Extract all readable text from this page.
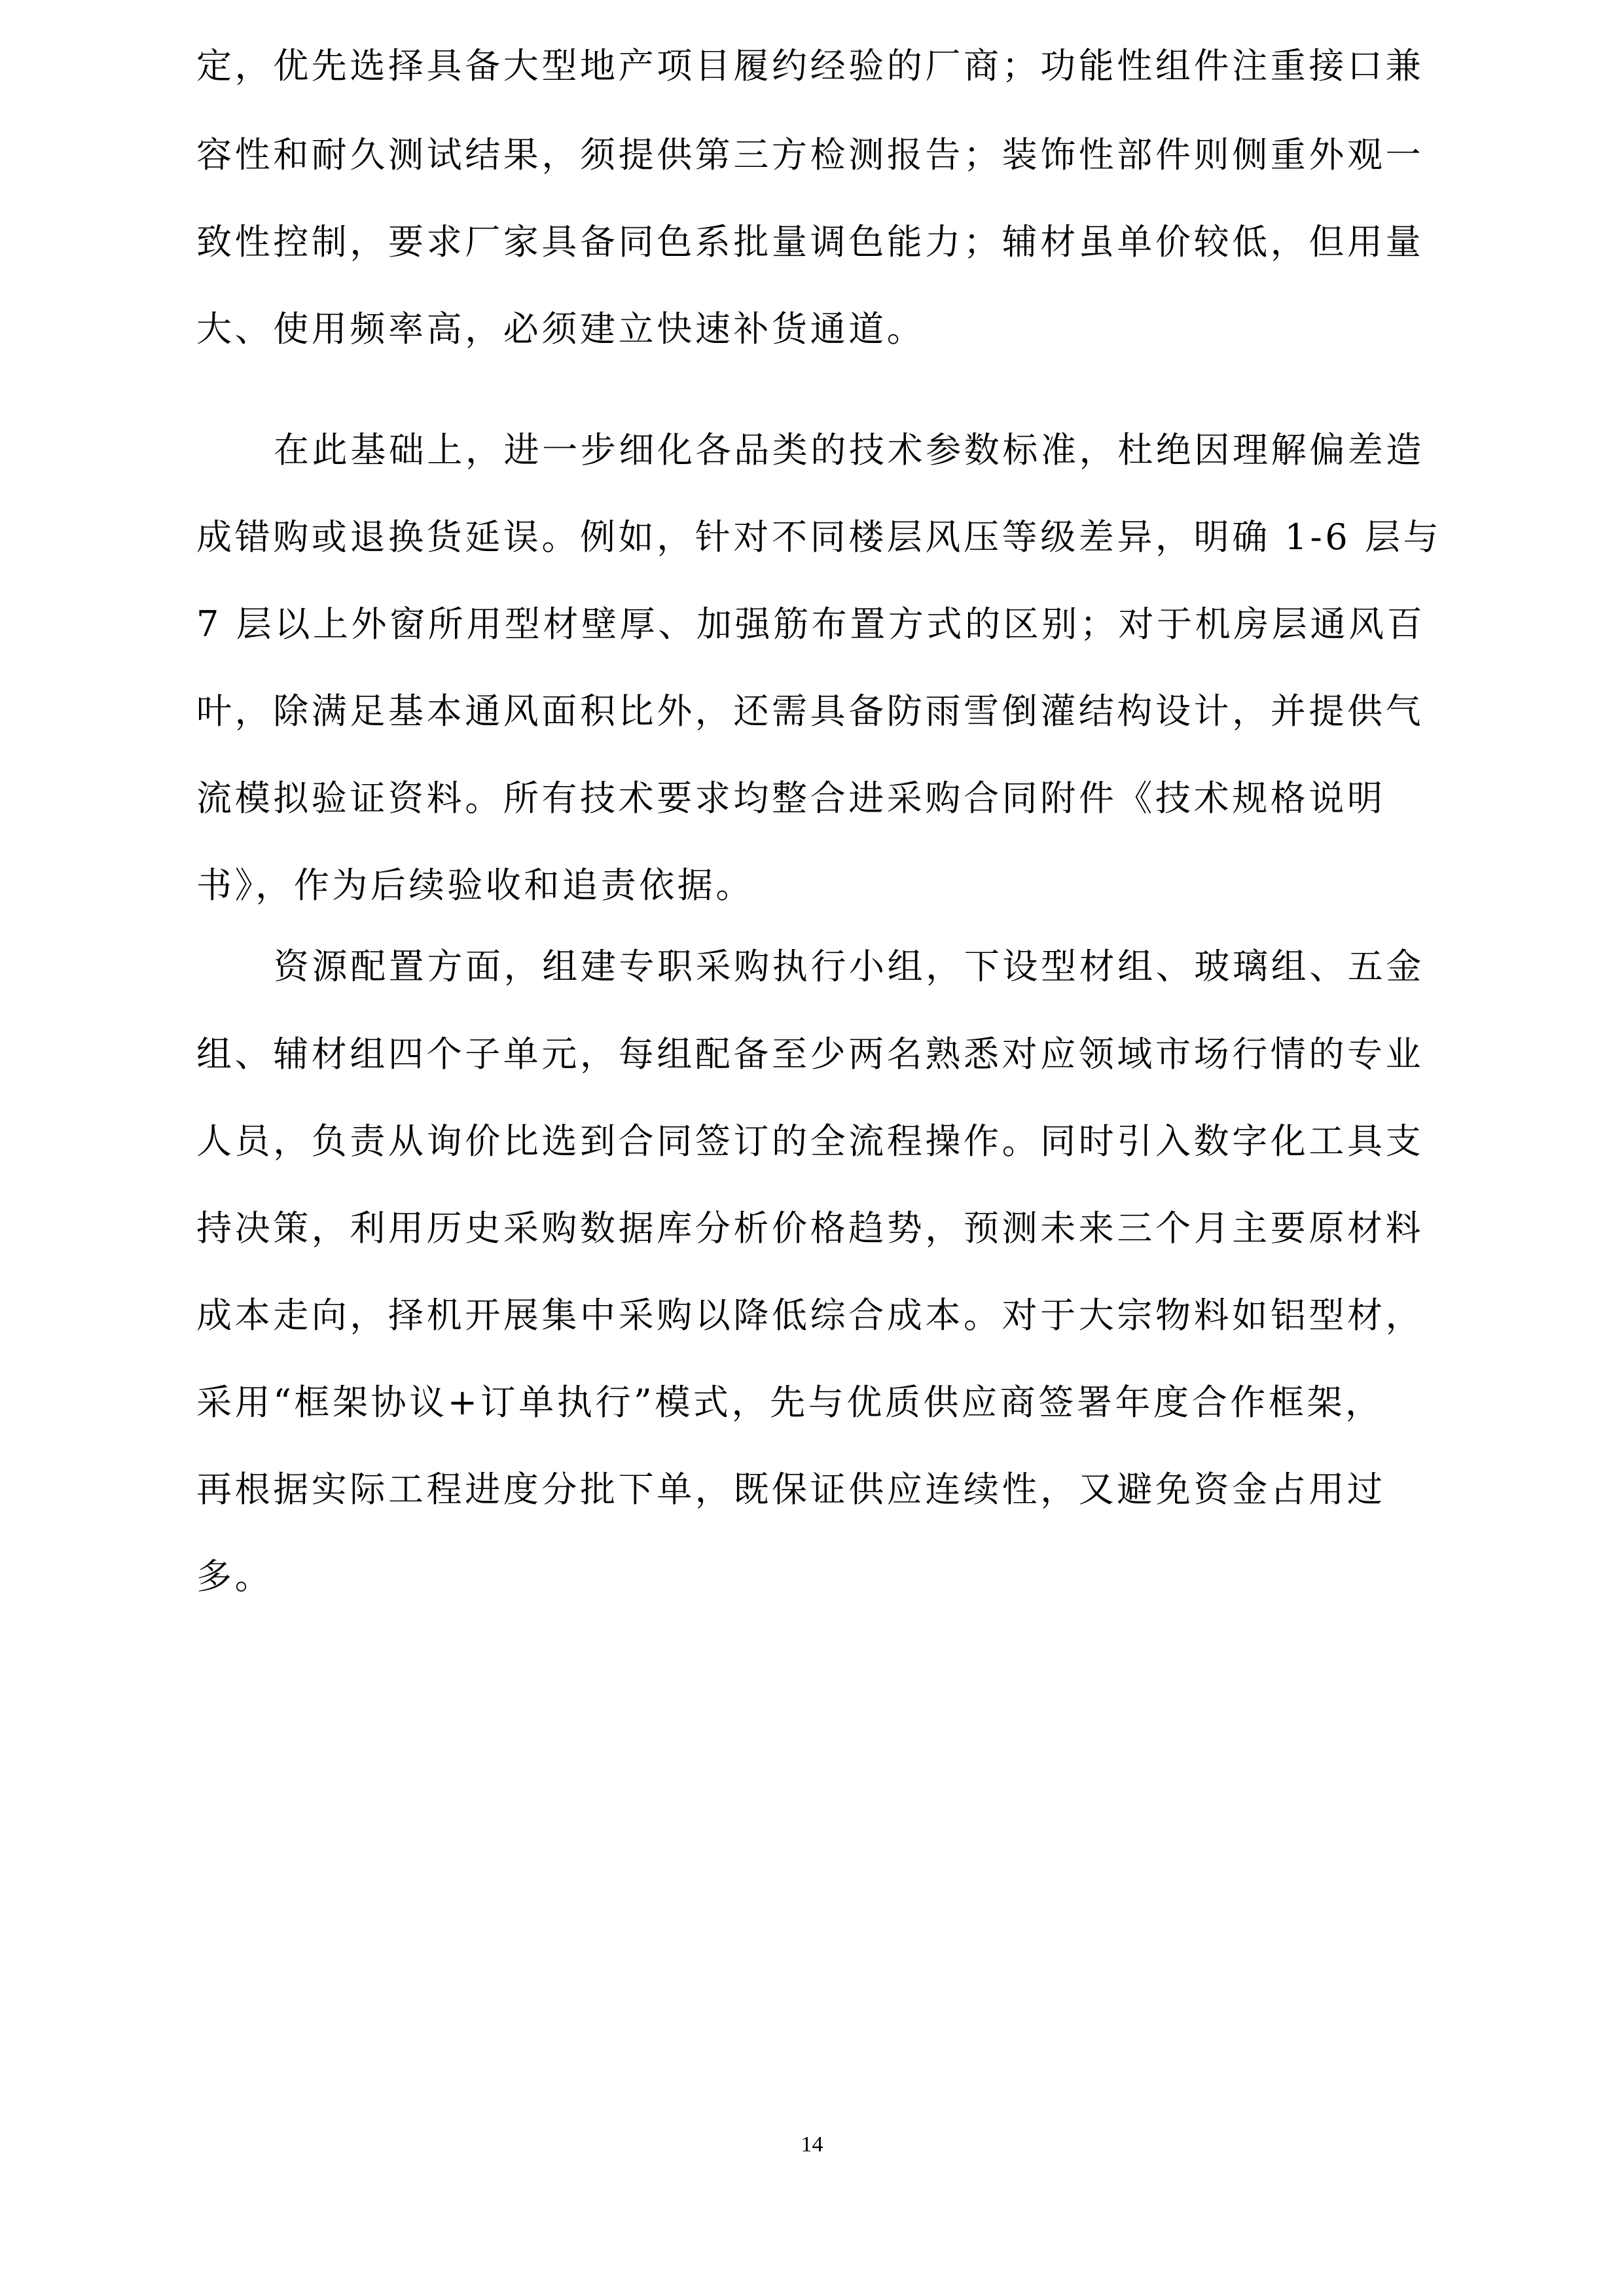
定，优先选择具备大型地产项目履约经验的厂商；功能性组件注重接口兼
容性和耐久测试结果，须提供第三方检测报告；装饰性部件则侧重外观一
致性控制，要求厂家具备同色系批量调色能力；辅材虽单价较低，但用量
大、使用频率高，必须建立快速补货通道。
在此基础上，进一步细化各品类的技术参数标准，杜绝因理解偏差造
成错购或退换货延误。例如，针对不同楼层风压等级差异，明确 1-6 层与
7 层以上外窗所用型材壁厚、加强筋布置方式的区别；对于机房层通风百
叶，除满足基本通风面积比外，还需具备防雨雪倒灌结构设计，并提供气
流模拟验证资料。所有技术要求均整合进采购合同附件《技术规格说明
书》，作为后续验收和追责依据。
资源配置方面，组建专职采购执行小组，下设型材组、玻璃组、五金
组、辅材组四个子单元，每组配备至少两名熟悉对应领域市场行情的专业
人员，负责从询价比选到合同签订的全流程操作。同时引入数字化工具支
持决策，利用历史采购数据库分析价格趋势，预测未来三个月主要原材料
成本走向，择机开展集中采购以降低综合成本。对于大宗物料如铝型材，
采用“框架协议+订单执行”模式，先与优质供应商签署年度合作框架，
再根据实际工程进度分批下单，既保证供应连续性，又避免资金占用过
多。
14
